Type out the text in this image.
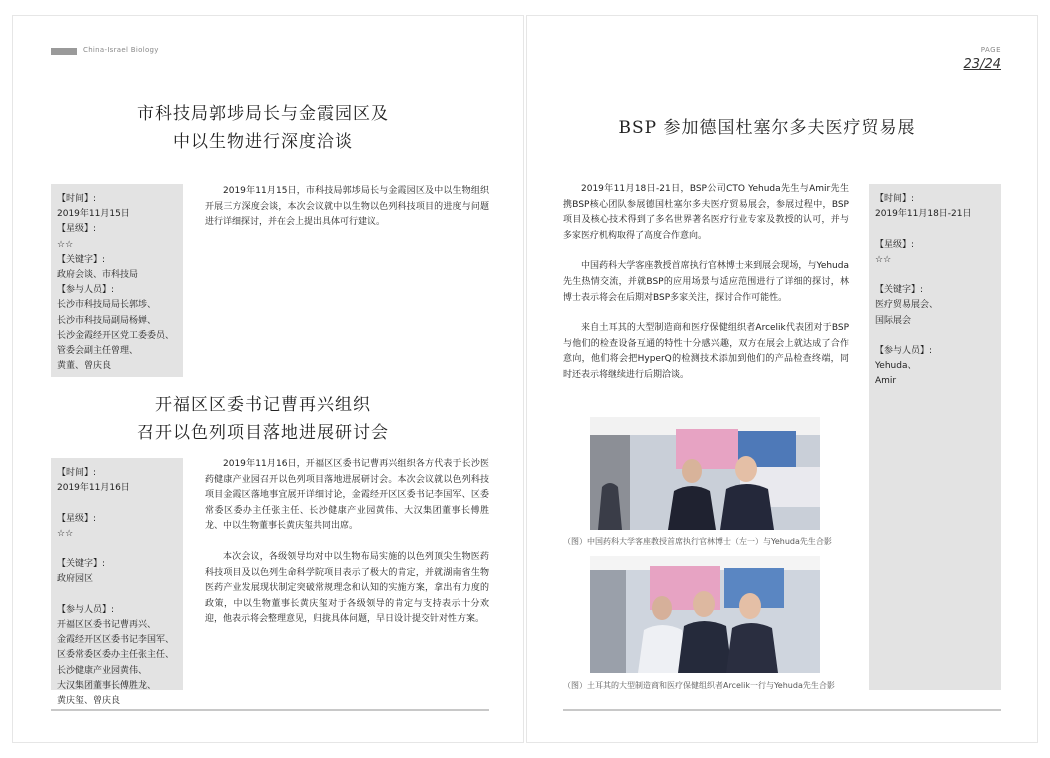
China-Israel Biology
市科技局郭埗局长与金霞园区及
中以生物进行深度洽谈
【时间】:
2019年11月15日
【星级】:
☆☆
【关键字】:
政府会谈、市科技局
【参与人员】:
长沙市科技局局长郭埗、
长沙市科技局副局杨婵、
长沙金霞经开区党工委委员、
管委会副主任曾理、
黄董、曾庆良

2019年11月15日，市科技局郭埗局长与金霞园区及中以生物组织开展三方深度会谈，本次会议就中以生物以色列科技项目的进度与问题进行详细探讨，并在会上提出具体可行建议。

开福区区委书记曹再兴组织
召开以色列项目落地进展研讨会
【时间】:
2019年11月16日

【星级】:
☆☆

【关键字】:
政府园区

【参与人员】:
开福区区委书记曹再兴、
金霞经开区区委书记李国军、
区委常委区委办主任张主任、
长沙健康产业园黄伟、
大汉集团董事长傅胜龙、
黄庆玺、曾庆良

2019年11月16日，开福区区委书记曹再兴组织各方代表于长沙医药健康产业园召开以色列项目落地进展研讨会。本次会议就以色列科技项目金霞区落地事宜展开详细讨论，金霞经开区区委书记李国军、区委常委区委办主任张主任、长沙健康产业园黄伟、大汉集团董事长傅胜龙、中以生物董事长黄庆玺共同出席。

本次会议，各级领导均对中以生物布局实施的以色列顶尖生物医药科技项目及以色列生命科学院项目表示了极大的肯定，并就湖南省生物医药产业发展现状制定突破常规理念和认知的实施方案，拿出有力度的政策，中以生物董事长黄庆玺对于各级领导的肯定与支持表示十分欢迎，他表示将会整理意见，归拢具体问题，早日设计提交针对性方案。

PAGE
23/24
BSP 参加德国杜塞尔多夫医疗贸易展

2019年11月18日-21日，BSP公司CTO Yehuda先生与Amir先生携BSP核心团队参展德国杜塞尔多夫医疗贸易展会，参展过程中，BSP项目及核心技术得到了多名世界著名医疗行业专家及教授的认可，并与多家医疗机构取得了高度合作意向。

中国药科大学客座教授首席执行官林博士来到展会现场，与Yehuda先生热情交流，并就BSP的应用场景与适应范围进行了详细的探讨，林博士表示将会在后期对BSP多家关注，探讨合作可能性。

来自土耳其的大型制造商和医疗保健组织者Arcelik代表团对于BSP与他们的检查设备互通的特性十分感兴趣，双方在展会上就达成了合作意向，他们将会把HyperQ的检测技术添加到他们的产品检查终端，同时还表示将继续进行后期洽谈。

【时间】:
2019年11月18日-21日

【星级】:
☆☆

【关键字】:
医疗贸易展会、
国际展会

【参与人员】:
Yehuda、
Amir
（图）中国药科大学客座教授首席执行官林博士（左一）与Yehuda先生合影
（图）土耳其的大型制造商和医疗保健组织者Arcelik一行与Yehuda先生合影
